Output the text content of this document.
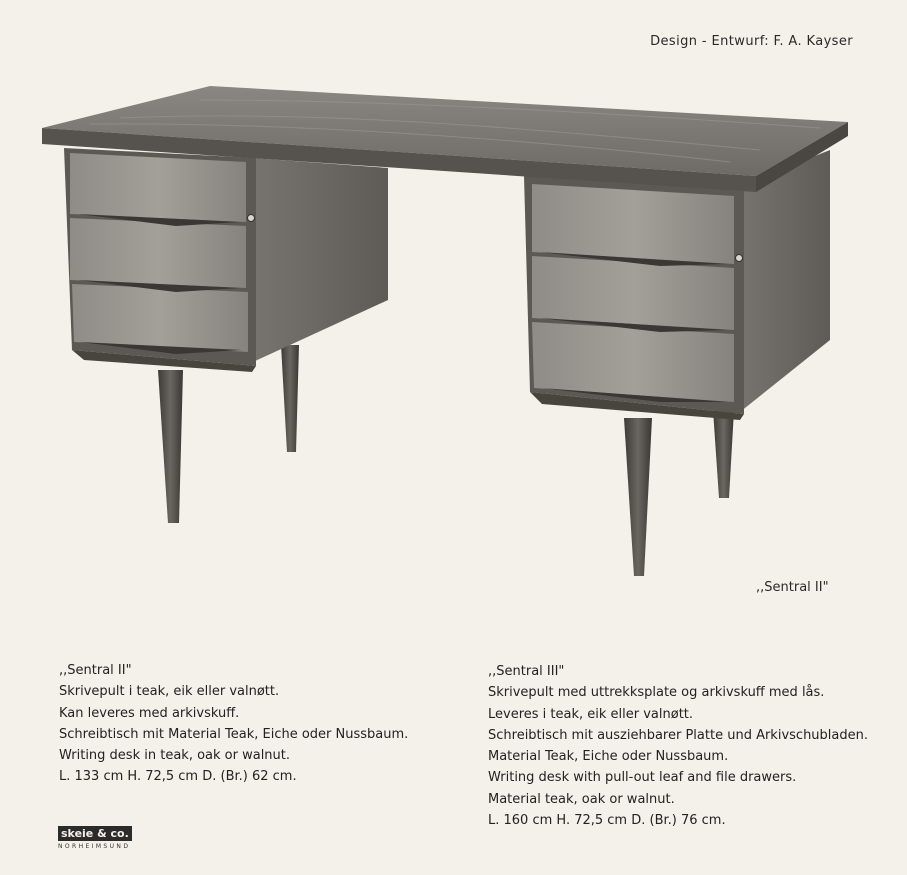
Design - Entwurf: F. A. Kayser
,,Sentral II"
,,Sentral II"
Skrivepult i teak, eik eller valnøtt.
Kan leveres med arkivskuff.
Schreibtisch mit Material Teak, Eiche oder Nussbaum.
Writing desk in teak, oak or walnut.
L. 133 cm H. 72,5 cm D. (Br.) 62 cm.
,,Sentral III"
Skrivepult med uttrekksplate og arkivskuff med lås.
Leveres i teak, eik eller valnøtt.
Schreibtisch mit ausziehbarer Platte und Arkivschubladen.
Material Teak, Eiche oder Nussbaum.
Writing desk with pull-out leaf and file drawers.
Material teak, oak or walnut.
L. 160 cm H. 72,5 cm D. (Br.) 76 cm.
skeie & co.
NORHEIMSUND
